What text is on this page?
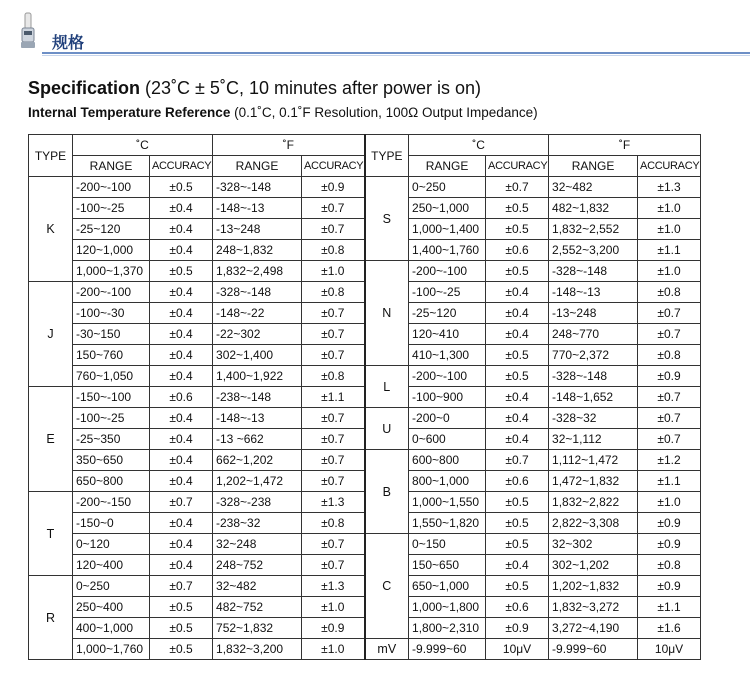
规格
Specification (23˚C ± 5˚C, 10 minutes after power is on)
Internal Temperature Reference (0.1˚C, 0.1˚F Resolution, 100Ω Output Impedance)
TYPE	˚C		˚F		TYPE	˚C		˚F	
	RANGE	ACCURACY	RANGE	ACCURACY		RANGE	ACCURACY	RANGE	ACCURACY
K	-200~-100	±0.5	-328~-148	±0.9	S	0~250	±0.7	32~482	±1.3
	-100~-25	±0.4	-148~-13	±0.7		250~1,000	±0.5	482~1,832	±1.0
	-25~120	±0.4	-13~248	±0.7		1,000~1,400	±0.5	1,832~2,552	±1.0
	120~1,000	±0.4	248~1,832	±0.8		1,400~1,760	±0.6	2,552~3,200	±1.1
	1,000~1,370	±0.5	1,832~2,498	±1.0	N	-200~-100	±0.5	-328~-148	±1.0
J	-200~-100	±0.4	-328~-148	±0.8		-100~-25	±0.4	-148~-13	±0.8
	-100~-30	±0.4	-148~-22	±0.7		-25~120	±0.4	-13~248	±0.7
	-30~150	±0.4	-22~302	±0.7		120~410	±0.4	248~770	±0.7
	150~760	±0.4	302~1,400	±0.7		410~1,300	±0.5	770~2,372	±0.8
	760~1,050	±0.4	1,400~1,922	±0.8	L	-200~-100	±0.5	-328~-148	±0.9
E	-150~-100	±0.6	-238~-148	±1.1		-100~900	±0.4	-148~1,652	±0.7
	-100~-25	±0.4	-148~-13	±0.7	U	-200~0	±0.4	-328~32	±0.7
	-25~350	±0.4	-13 ~662	±0.7		0~600	±0.4	32~1,112	±0.7
	350~650	±0.4	662~1,202	±0.7	B	600~800	±0.7	1,112~1,472	±1.2
	650~800	±0.4	1,202~1,472	±0.7		800~1,000	±0.6	1,472~1,832	±1.1
T	-200~-150	±0.7	-328~-238	±1.3		1,000~1,550	±0.5	1,832~2,822	±1.0
	-150~0	±0.4	-238~32	±0.8		1,550~1,820	±0.5	2,822~3,308	±0.9
	0~120	±0.4	32~248	±0.7	C	0~150	±0.5	32~302	±0.9
	120~400	±0.4	248~752	±0.7		150~650	±0.4	302~1,202	±0.8
R	0~250	±0.7	32~482	±1.3		650~1,000	±0.5	1,202~1,832	±0.9
	250~400	±0.5	482~752	±1.0		1,000~1,800	±0.6	1,832~3,272	±1.1
	400~1,000	±0.5	752~1,832	±0.9		1,800~2,310	±0.9	3,272~4,190	±1.6
	1,000~1,760	±0.5	1,832~3,200	±1.0	mV	-9.999~60	10μV	-9.999~60	10μV
